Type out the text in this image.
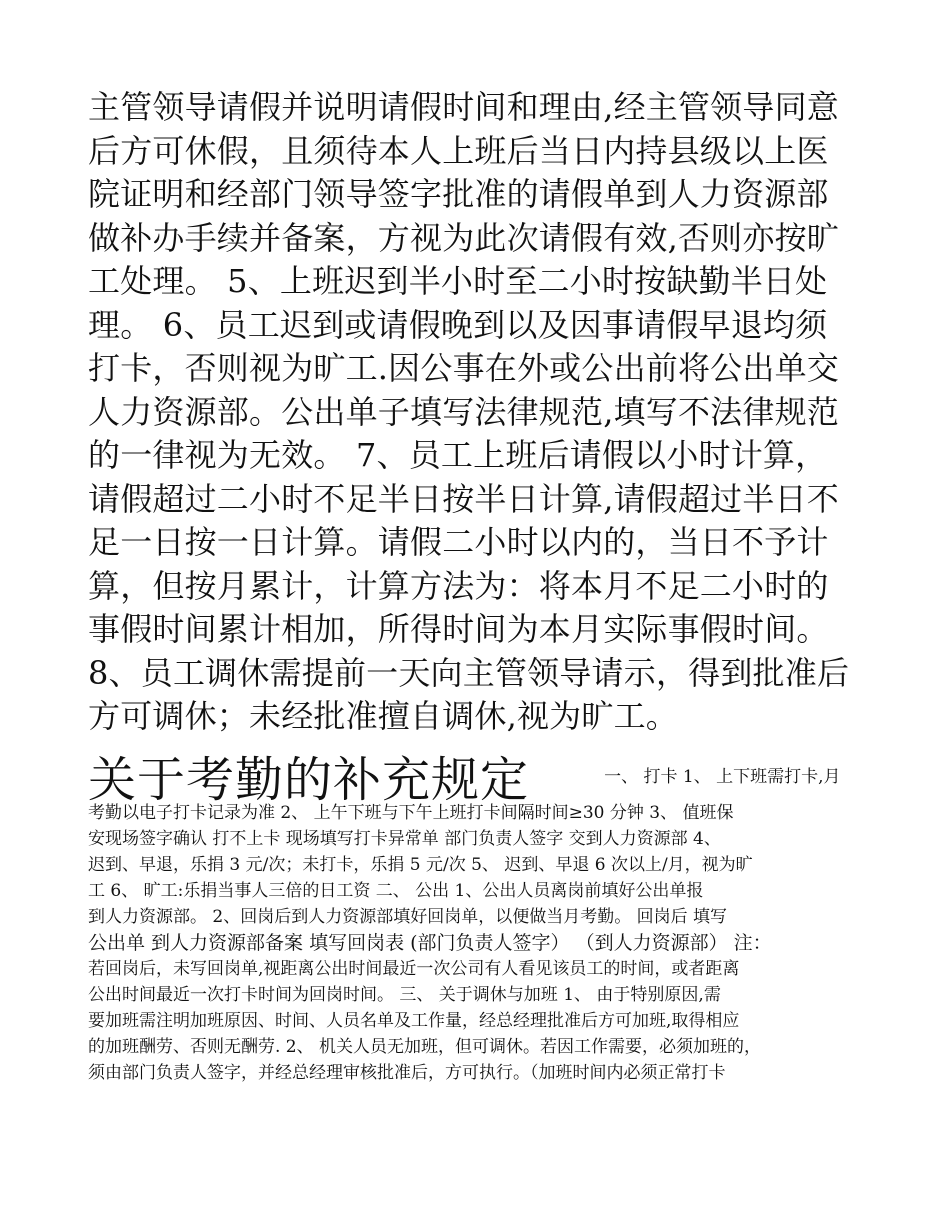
主管领导请假并说明请假时间和理由,经主管领导同意
后方可休假，且须待本人上班后当日内持县级以上医
院证明和经部门领导签字批准的请假单到人力资源部
做补办手续并备案，方视为此次请假有效,否则亦按旷
工处理。 5、上班迟到半小时至二小时按缺勤半日处
理。 6、员工迟到或请假晚到以及因事请假早退均须
打卡，否则视为旷工.因公事在外或公出前将公出单交
人力资源部。公出单子填写法律规范,填写不法律规范
的一律视为无效。 7、员工上班后请假以小时计算，
请假超过二小时不足半日按半日计算,请假超过半日不
足一日按一日计算。请假二小时以内的，当日不予计
算，但按月累计，计算方法为：将本月不足二小时的
事假时间累计相加，所得时间为本月实际事假时间。
8、员工调休需提前一天向主管领导请示，得到批准后
方可调休；未经批准擅自调休,视为旷工。
关于考勤的补充规定	一、 打卡 1、 上下班需打卡,月
考勤以电子打卡记录为准 2、 上午下班与下午上班打卡间隔时间≥30 分钟 3、 值班保
安现场签字确认 打不上卡 现场填写打卡异常单 部门负责人签字 交到人力资源部 4、
迟到、早退，乐捐 3 元/次；未打卡，乐捐 5 元/次 5、 迟到、早退 6 次以上/月，视为旷
工 6、 旷工:乐捐当事人三倍的日工资 二、 公出 1、公出人员离岗前填好公出单报
到人力资源部。 2、回岗后到人力资源部填好回岗单，以便做当月考勤。 回岗后 填写
公出单 到人力资源部备案 填写回岗表 (部门负责人签字） （到人力资源部） 注：
若回岗后，未写回岗单,视距离公出时间最近一次公司有人看见该员工的时间，或者距离
公出时间最近一次打卡时间为回岗时间。 三、 关于调休与加班 1、 由于特别原因,需
要加班需注明加班原因、时间、人员名单及工作量，经总经理批准后方可加班,取得相应
的加班酬劳、否则无酬劳. 2、 机关人员无加班，但可调休。若因工作需要，必须加班的，
须由部门负责人签字，并经总经理审核批准后，方可执行。（加班时间内必须正常打卡
